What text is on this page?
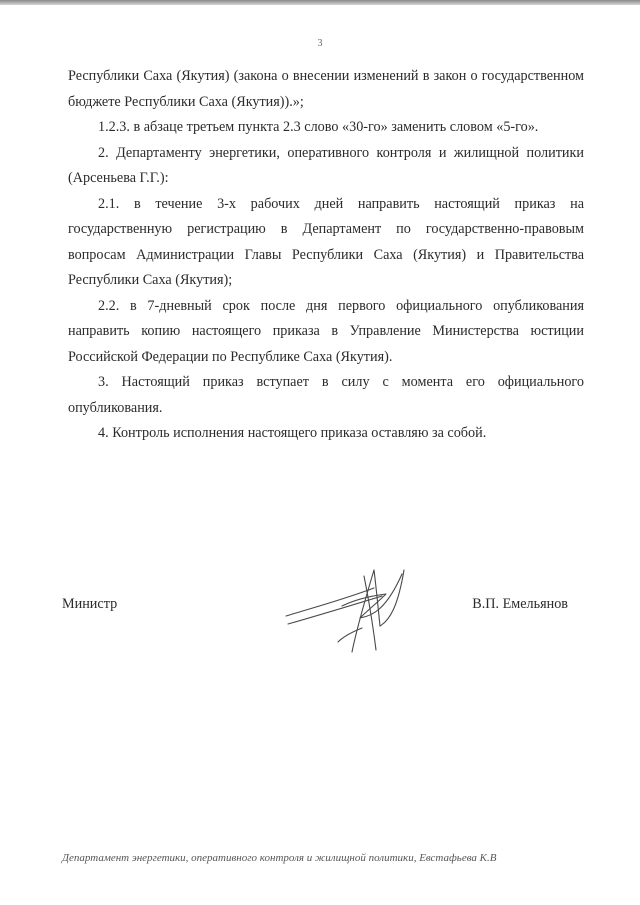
3

Республики Саха (Якутия) (закона о внесении изменений в закон о государственном бюджете Республики Саха (Якутия)).»;

1.2.3. в абзаце третьем пункта 2.3 слово «30-го» заменить словом «5-го».

2. Департаменту энергетики, оперативного контроля и жилищной политики (Арсеньева Г.Г.):

2.1. в течение 3-х рабочих дней направить настоящий приказ на государственную регистрацию в Департамент по государственно-правовым вопросам Администрации Главы Республики Саха (Якутия) и Правительства Республики Саха (Якутия);

2.2. в 7-дневный срок после дня первого официального опубликования направить копию настоящего приказа в Управление Министерства юстиции Российской Федерации по Республике Саха (Якутия).

3. Настоящий приказ вступает в силу с момента его официального опубликования.

4. Контроль исполнения настоящего приказа оставляю за собой.

Министр	В.П. Емельянов
Департамент энергетики, оперативного контроля и жилищной политики, Евстафьева К.В
